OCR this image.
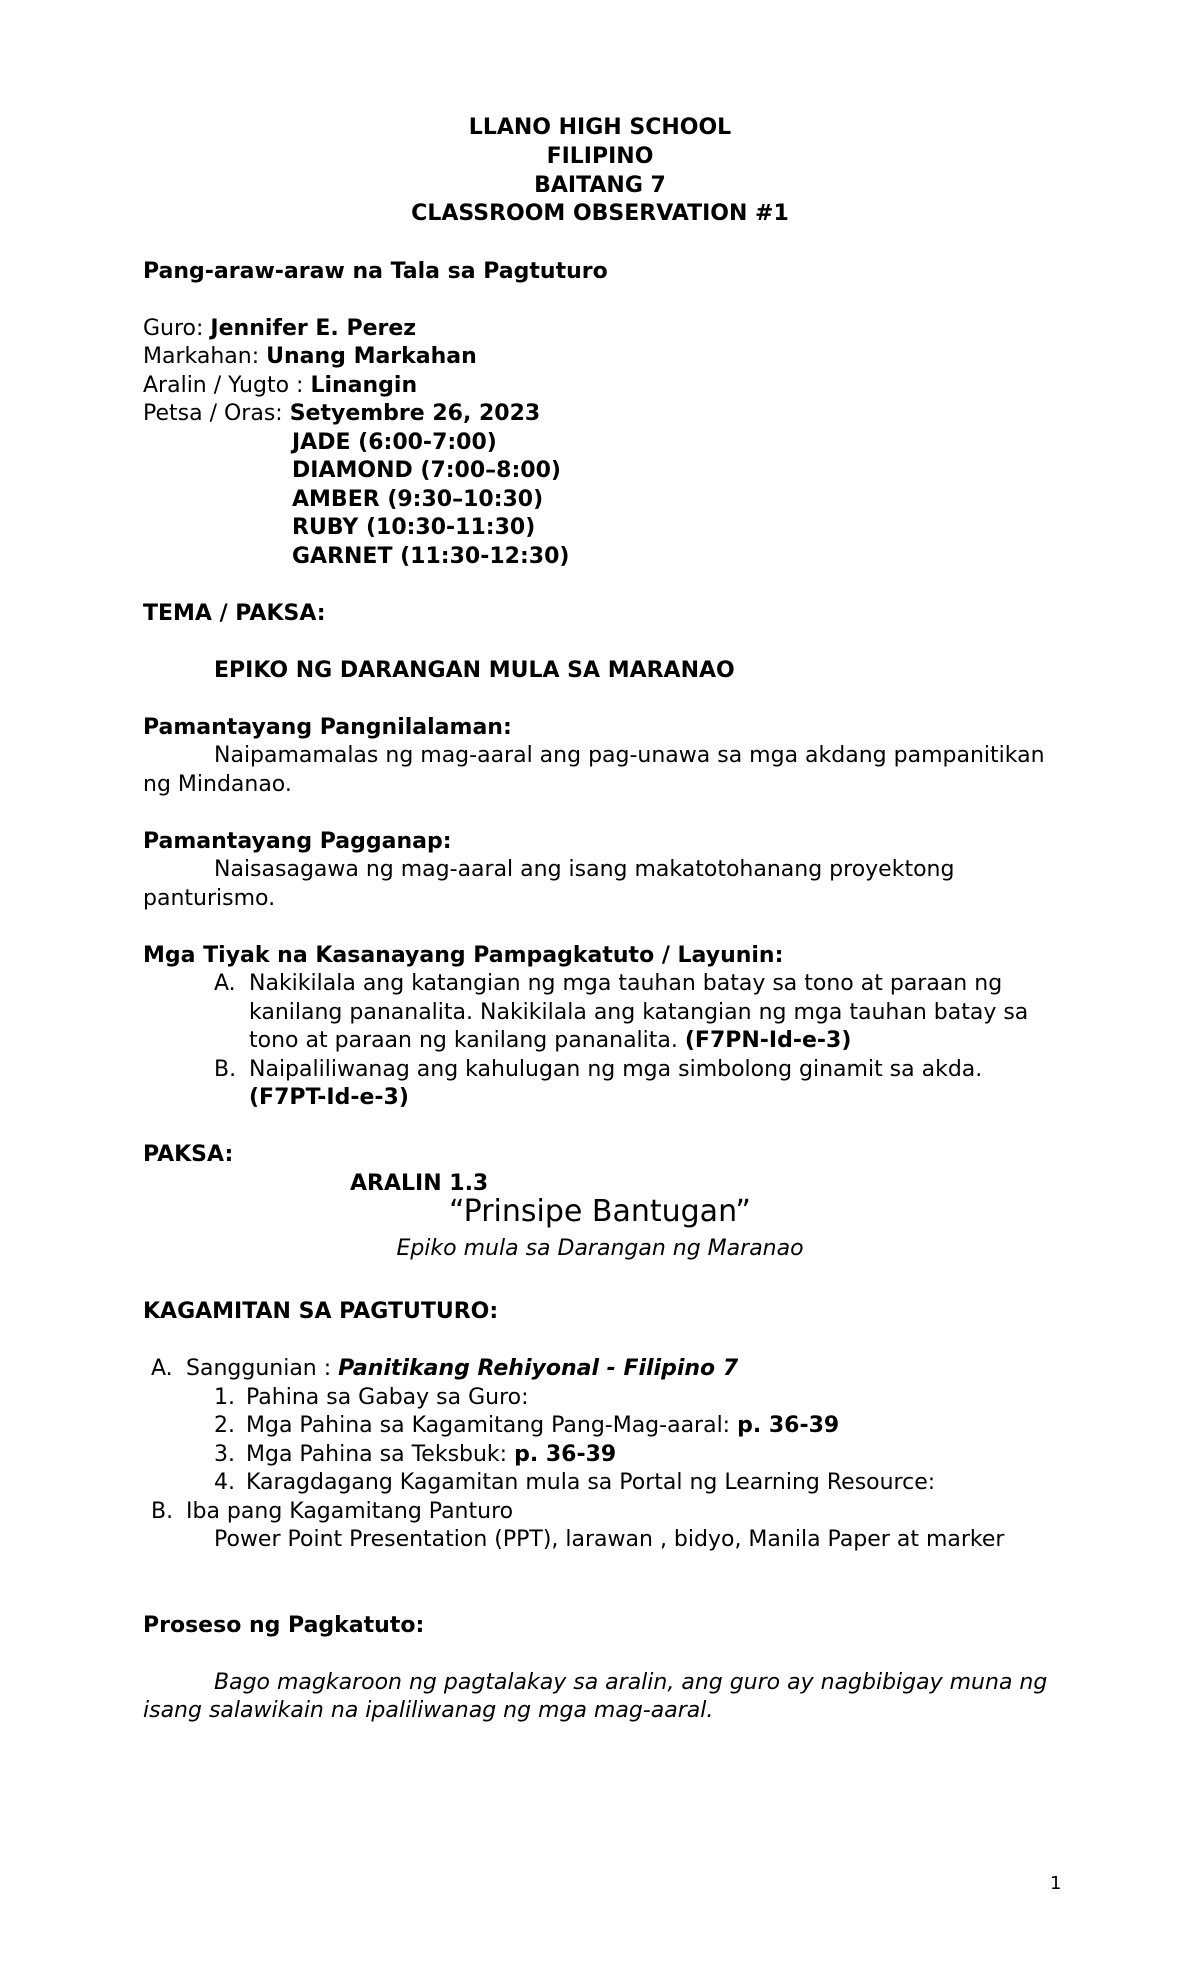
LLANO HIGH SCHOOL
FILIPINO
BAITANG 7
CLASSROOM OBSERVATION #1
Pang-araw-araw na Tala sa Pagtuturo
Guro: Jennifer E. Perez
Markahan: Unang Markahan
Aralin / Yugto : Linangin
Petsa / Oras: Setyembre 26, 2023
JADE (6:00-7:00)
DIAMOND (7:00–8:00)
AMBER (9:30–10:30)
RUBY (10:30-11:30)
GARNET (11:30-12:30)
TEMA / PAKSA:
EPIKO NG DARANGAN MULA SA MARANAO
Pamantayang Pangnilalaman:
Naipamamalas ng mag-aaral ang pag-unawa sa mga akdang pampanitikan
ng Mindanao.
Pamantayang Pagganap:
Naisasagawa ng mag-aaral ang isang makatotohanang proyektong
panturismo.
Mga Tiyak na Kasanayang Pampagkatuto / Layunin:
A. Nakikilala ang katangian ng mga tauhan batay sa tono at paraan ng
kanilang pananalita. Nakikilala ang katangian ng mga tauhan batay sa
tono at paraan ng kanilang pananalita. (F7PN-Id-e-3)
B. Naipaliliwanag ang kahulugan ng mga simbolong ginamit sa akda.
(F7PT-Id-e-3)
PAKSA:
ARALIN 1.3
“Prinsipe Bantugan”
Epiko mula sa Darangan ng Maranao
KAGAMITAN SA PAGTUTURO:
A. Sanggunian : Panitikang Rehiyonal - Filipino 7
1. Pahina sa Gabay sa Guro:
2. Mga Pahina sa Kagamitang Pang-Mag-aaral: p. 36-39
3. Mga Pahina sa Teksbuk: p. 36-39
4. Karagdagang Kagamitan mula sa Portal ng Learning Resource:
B. Iba pang Kagamitang Panturo
Power Point Presentation (PPT), larawan , bidyo, Manila Paper at marker
Proseso ng Pagkatuto:
Bago magkaroon ng pagtalakay sa aralin, ang guro ay nagbibigay muna ng
isang salawikain na ipaliliwanag ng mga mag-aaral.
1
